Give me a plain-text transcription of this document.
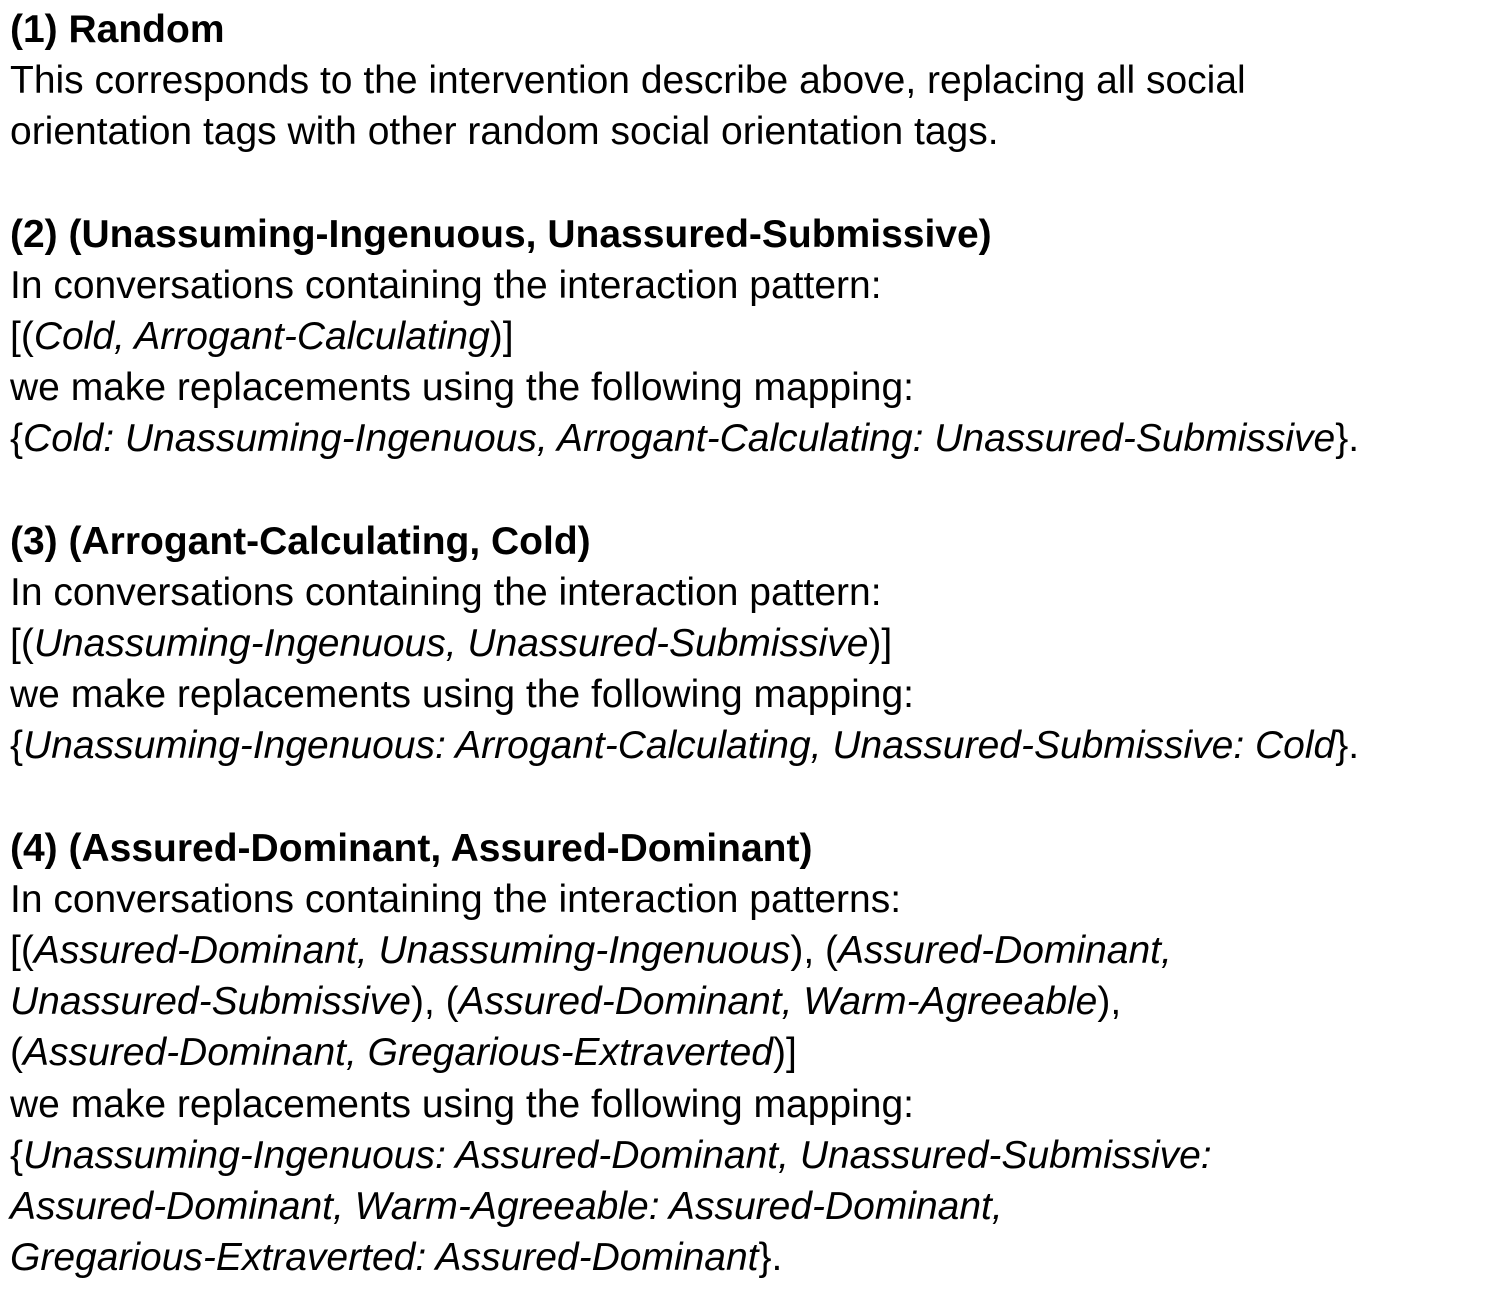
(1) Random
This corresponds to the intervention describe above, replacing all social
orientation tags with other random social orientation tags.
(2) (Unassuming-Ingenuous, Unassured-Submissive)
In conversations containing the interaction pattern:
[(Cold, Arrogant-Calculating)]
we make replacements using the following mapping:
{Cold: Unassuming-Ingenuous, Arrogant-Calculating: Unassured-Submissive}.
(3) (Arrogant-Calculating, Cold)
In conversations containing the interaction pattern:
[(Unassuming-Ingenuous, Unassured-Submissive)]
we make replacements using the following mapping:
{Unassuming-Ingenuous: Arrogant-Calculating, Unassured-Submissive: Cold}.
(4) (Assured-Dominant, Assured-Dominant)
In conversations containing the interaction patterns:
[(Assured-Dominant, Unassuming-Ingenuous), (Assured-Dominant,
Unassured-Submissive), (Assured-Dominant, Warm-Agreeable),
(Assured-Dominant, Gregarious-Extraverted)]
we make replacements using the following mapping:
{Unassuming-Ingenuous: Assured-Dominant, Unassured-Submissive:
Assured-Dominant, Warm-Agreeable: Assured-Dominant,
Gregarious-Extraverted: Assured-Dominant}.
